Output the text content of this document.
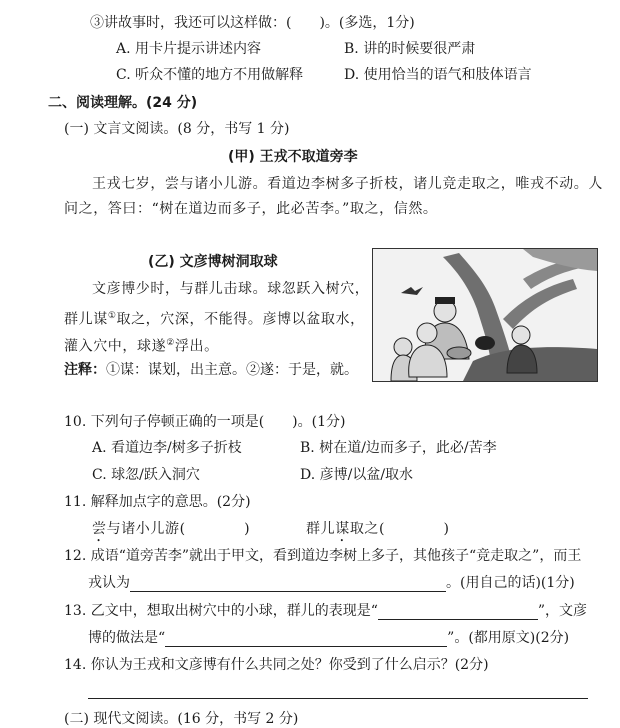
③讲故事时，我还可以这样做：(　　)。(多选，1分)
A. 用卡片提示讲述内容	B. 讲的时候要很严肃
C. 听众不懂的地方不用做解释	D. 使用恰当的语气和肢体语言
二、阅读理解。(24 分)
(一) 文言文阅读。(8 分，书写 1 分)
(甲) 王戎不取道旁李
王戎七岁，尝与诸小儿游。看道边李树多子折枝，诸儿竞走取之，唯戎不动。人
问之，答曰：“树在道边而多子，此必苦李。”取之，信然。
(乙) 文彦博树洞取球
文彦博少时，与群儿击球。球忽跃入树穴，
群儿谋①取之，穴深，不能得。彦博以盆取水，
灌入穴中，球遂②浮出。
注释：①谋：谋划，出主意。②遂：于是，就。
10. 下列句子停顿正确的一项是(　　)。(1分)
A. 看道边李/树多子折枝	B. 树在道/边而多子，此必/苦李
C. 球忽/跃入洞穴	D. 彦博/以盆/取水
11. 解释加点字的意思。(2分)
尝与诸小儿游(　　　　)	群儿谋取之(　　　　)
12. 成语“道旁苦李”就出于甲文，看到道边李树上多子，其他孩子“竞走取之”，而王
戎认为	。(用自己的话)(1分)
13. 乙文中，想取出树穴中的小球，群儿的表现是“	”，文彦
博的做法是“	”。(都用原文)(2分)
14. 你认为王戎和文彦博有什么共同之处？你受到了什么启示？(2分)
(二) 现代文阅读。(16 分，书写 2 分)
